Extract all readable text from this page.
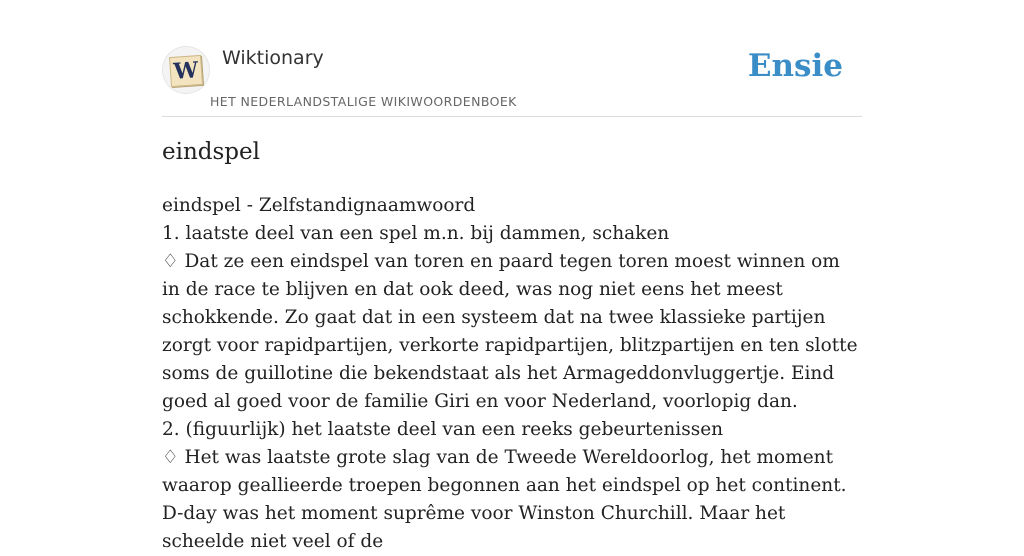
W Wiktionary
HET NEDERLANDSTALIGE WIKIWOORDENBOEK
Ensie
eindspel
eindspel - Zelfstandignaamwoord
1. laatste deel van een spel m.n. bij dammen, schaken
♢ Dat ze een eindspel van toren en paard tegen toren moest winnen om in de race te blijven en dat ook deed, was nog niet eens het meest schokkende. Zo gaat dat in een systeem dat na twee klassieke partijen zorgt voor rapidpartijen, verkorte rapidpartijen, blitzpartijen en ten slotte soms de guillotine die bekendstaat als het Armageddonvluggertje. Eind goed al goed voor de familie Giri en voor Nederland, voorlopig dan.
2. (figuurlijk) het laatste deel van een reeks gebeurtenissen
♢ Het was laatste grote slag van de Tweede Wereldoorlog, het moment waarop geallieerde troepen begonnen aan het eindspel op het continent. D-day was het moment suprême voor Winston Churchill. Maar het scheelde niet veel of de
